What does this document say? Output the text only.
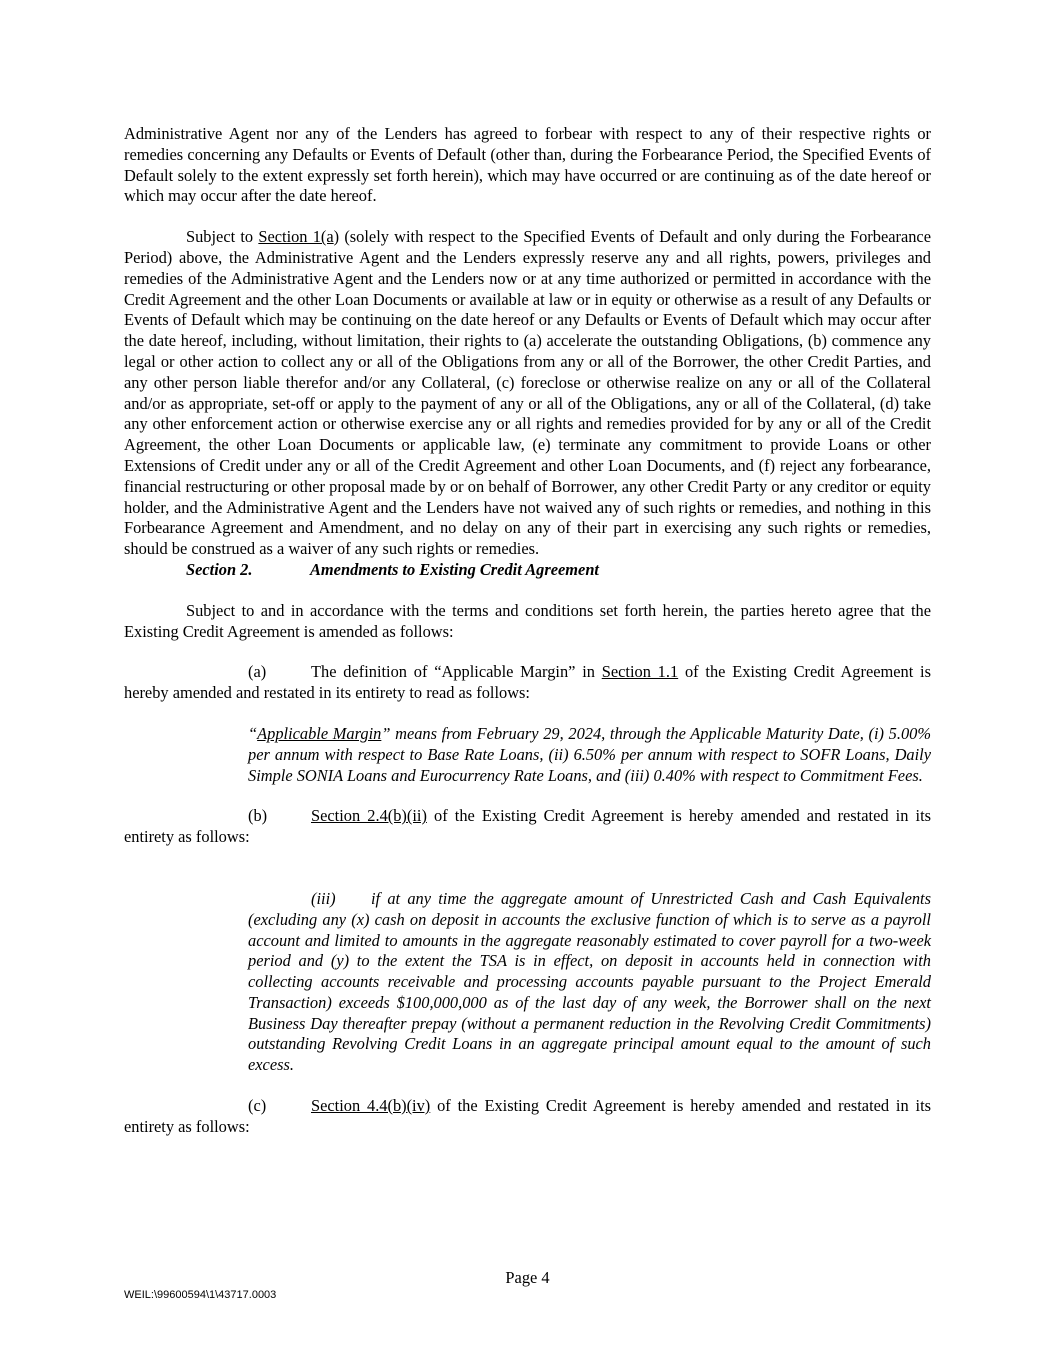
Administrative Agent nor any of the Lenders has agreed to forbear with respect to any of their respective rights or remedies concerning any Defaults or Events of Default (other than, during the Forbearance Period, the Specified Events of Default solely to the extent expressly set forth herein), which may have occurred or are continuing as of the date hereof or which may occur after the date hereof.

Subject to Section 1(a) (solely with respect to the Specified Events of Default and only during the Forbearance Period) above, the Administrative Agent and the Lenders expressly reserve any and all rights, powers, privileges and remedies of the Administrative Agent and the Lenders now or at any time authorized or permitted in accordance with the Credit Agreement and the other Loan Documents or available at law or in equity or otherwise as a result of any Defaults or Events of Default which may be continuing on the date hereof or any Defaults or Events of Default which may occur after the date hereof, including, without limitation, their rights to (a) accelerate the outstanding Obligations, (b) commence any legal or other action to collect any or all of the Obligations from any or all of the Borrower, the other Credit Parties, and any other person liable therefor and/or any Collateral, (c) foreclose or otherwise realize on any or all of the Collateral and/or as appropriate, set-off or apply to the payment of any or all of the Obligations, any or all of the Collateral, (d) take any other enforcement action or otherwise exercise any or all rights and remedies provided for by any or all of the Credit Agreement, the other Loan Documents or applicable law, (e) terminate any commitment to provide Loans or other Extensions of Credit under any or all of the Credit Agreement and other Loan Documents, and (f) reject any forbearance, financial restructuring or other proposal made by or on behalf of Borrower, any other Credit Party or any creditor or equity holder, and the Administrative Agent and the Lenders have not waived any of such rights or remedies, and nothing in this Forbearance Agreement and Amendment, and no delay on any of their part in exercising any such rights or remedies, should be construed as a waiver of any such rights or remedies.

Section 2.	Amendments to Existing Credit Agreement

Subject to and in accordance with the terms and conditions set forth herein, the parties hereto agree that the Existing Credit Agreement is amended as follows:

(a)	The definition of “Applicable Margin” in Section 1.1 of the Existing Credit Agreement is hereby amended and restated in its entirety to read as follows:

“Applicable Margin” means from February 29, 2024, through the Applicable Maturity Date, (i) 5.00% per annum with respect to Base Rate Loans, (ii) 6.50% per annum with respect to SOFR Loans, Daily Simple SONIA Loans and Eurocurrency Rate Loans, and (iii) 0.40% with respect to Commitment Fees.

(b)	Section 2.4(b)(ii) of the Existing Credit Agreement is hereby amended and restated in its entirety as follows:

(iii) if at any time the aggregate amount of Unrestricted Cash and Cash Equivalents (excluding any (x) cash on deposit in accounts the exclusive function of which is to serve as a payroll account and limited to amounts in the aggregate reasonably estimated to cover payroll for a two-week period and (y) to the extent the TSA is in effect, on deposit in accounts held in connection with collecting accounts receivable and processing accounts payable pursuant to the Project Emerald Transaction) exceeds $100,000,000 as of the last day of any week, the Borrower shall on the next Business Day thereafter prepay (without a permanent reduction in the Revolving Credit Commitments) outstanding Revolving Credit Loans in an aggregate principal amount equal to the amount of such excess.

(c)	Section 4.4(b)(iv) of the Existing Credit Agreement is hereby amended and restated in its entirety as follows:

Page 4
WEIL:\99600594\1\43717.0003
